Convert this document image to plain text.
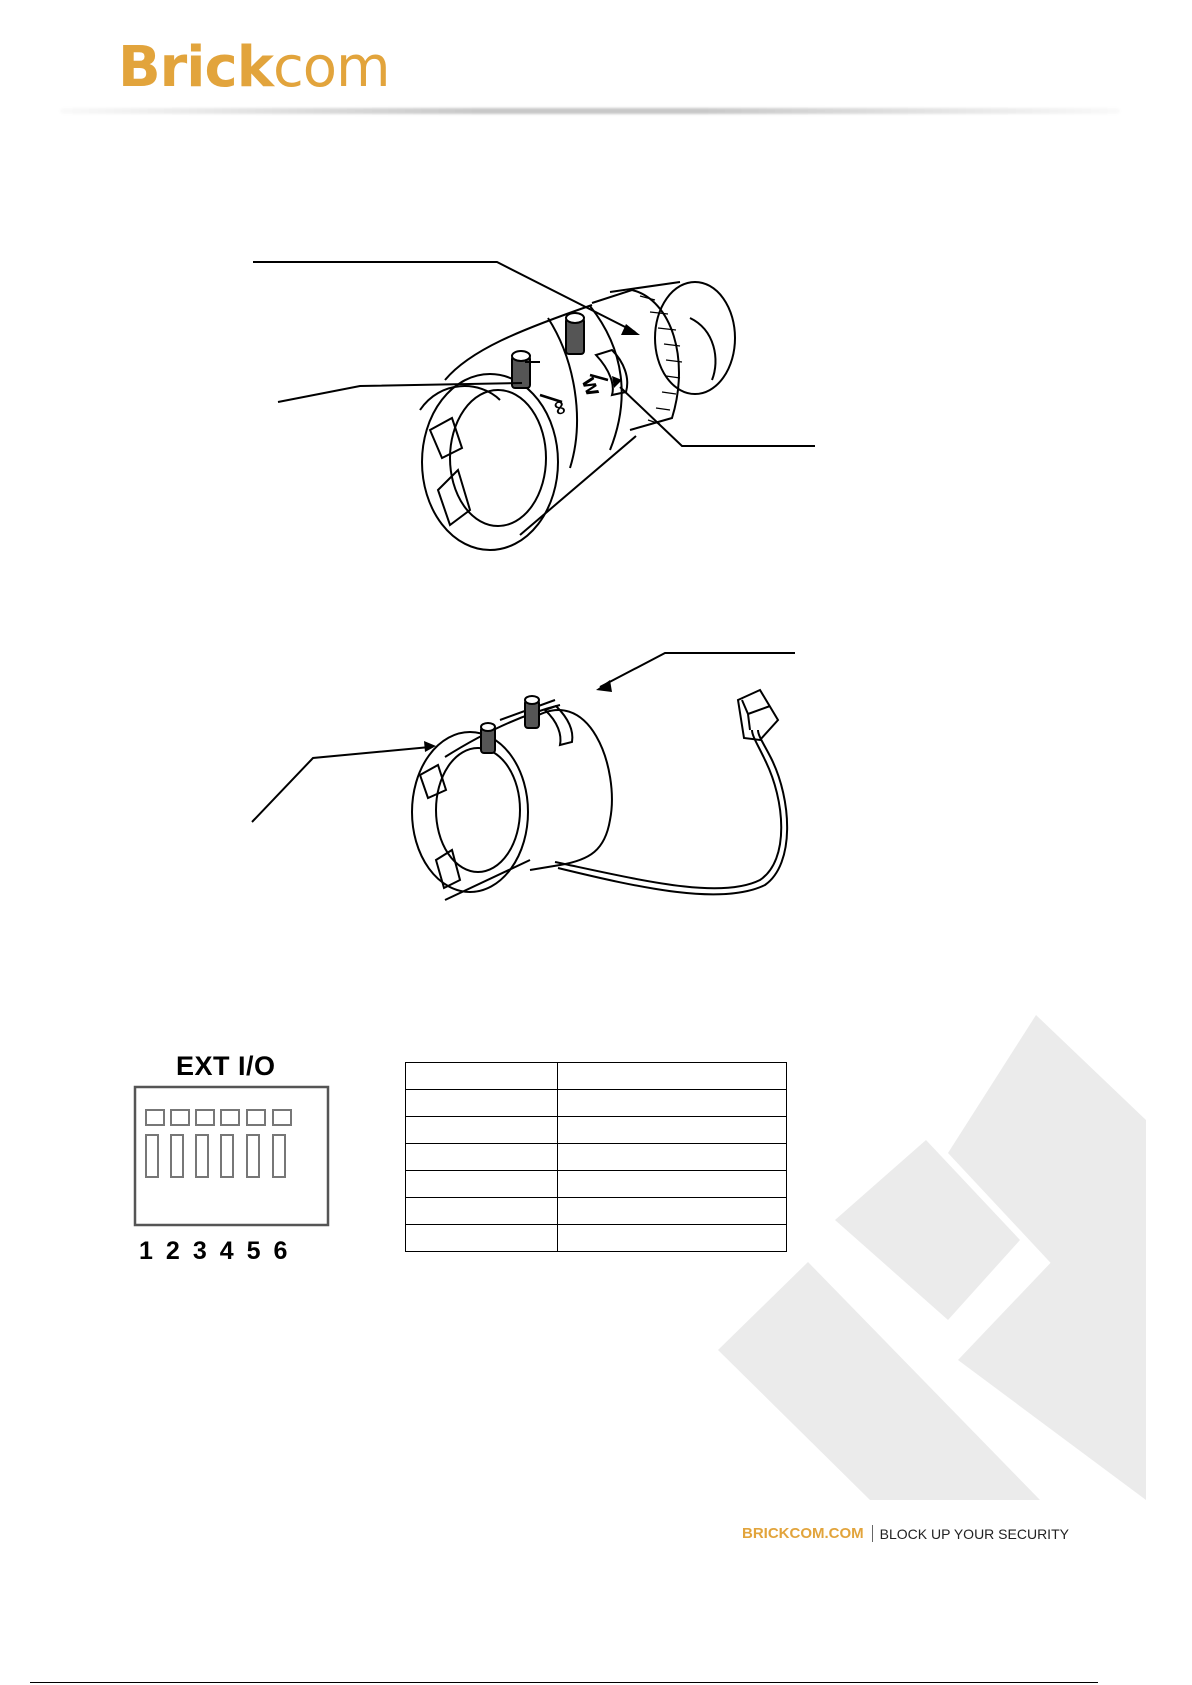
Brickcom
∞
W
EXT I/O
1 2 3 4 5 6

BRICKCOM.COM BLOCK UP YOUR SECURITY
